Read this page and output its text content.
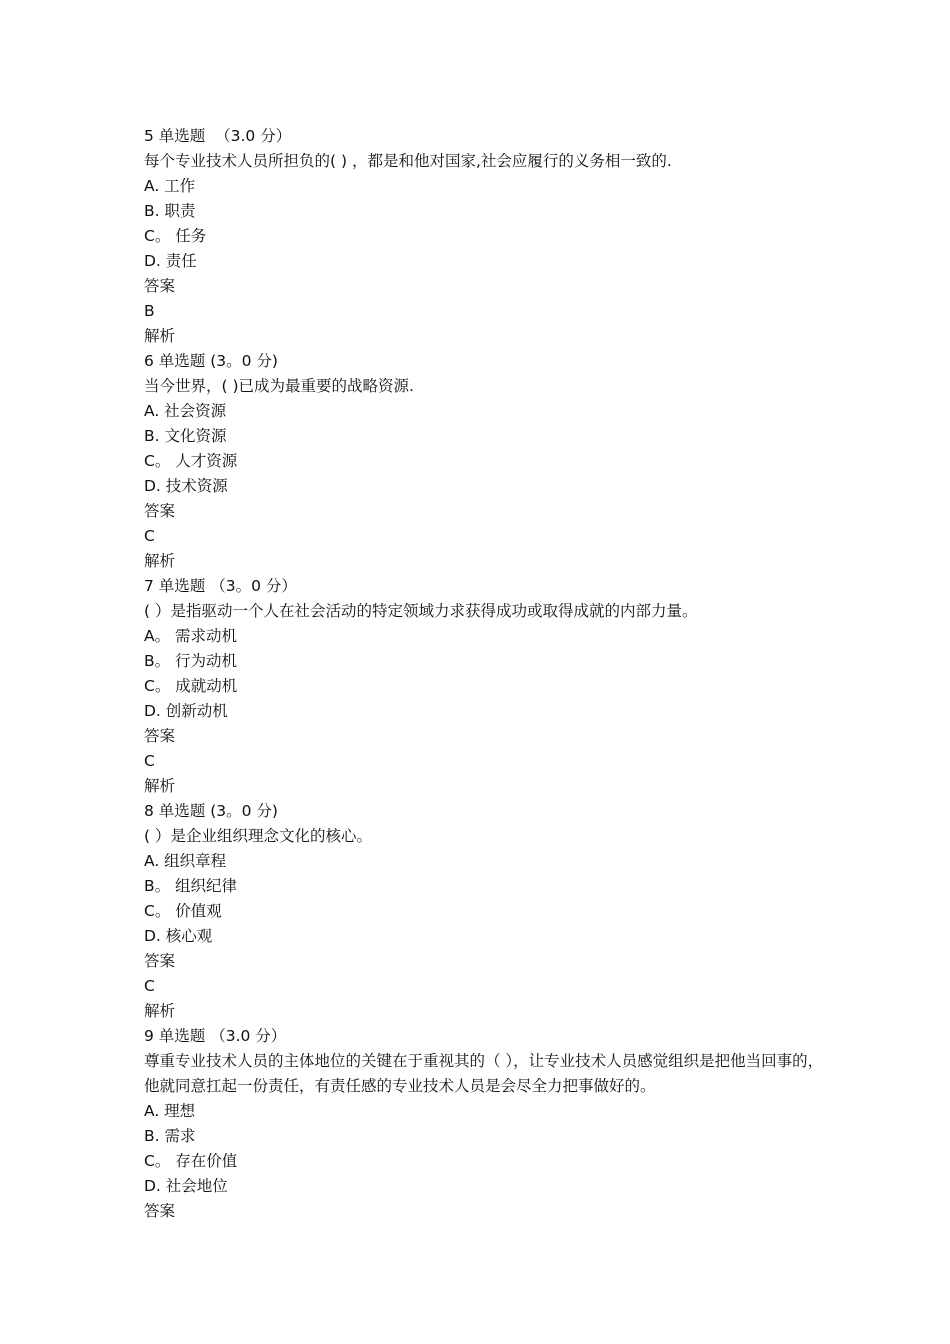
5 单选题  （3.0 分）
每个专业技术人员所担负的( ) ，都是和他对国家,社会应履行的义务相一致的.
A. 工作
B. 职责
C。 任务
D. 责任
答案
B
解析
6 单选题 (3。0 分)
当今世界，( )已成为最重要的战略资源.
A. 社会资源
B. 文化资源
C。 人才资源
D. 技术资源
答案
C
解析
7 单选题 （3。0 分）
( ）是指驱动一个人在社会活动的特定领域力求获得成功或取得成就的内部力量。
A。 需求动机
B。 行为动机
C。 成就动机
D. 创新动机
答案
C
解析
8 单选题 (3。0 分)
( ）是企业组织理念文化的核心。
A. 组织章程
B。 组织纪律
C。 价值观
D. 核心观
答案
C
解析
9 单选题 （3.0 分）
尊重专业技术人员的主体地位的关键在于重视其的（ ），让专业技术人员感觉组织是把他当回事的，他就同意扛起一份责任，有责任感的专业技术人员是会尽全力把事做好的。
A. 理想
B. 需求
C。 存在价值
D. 社会地位
答案
